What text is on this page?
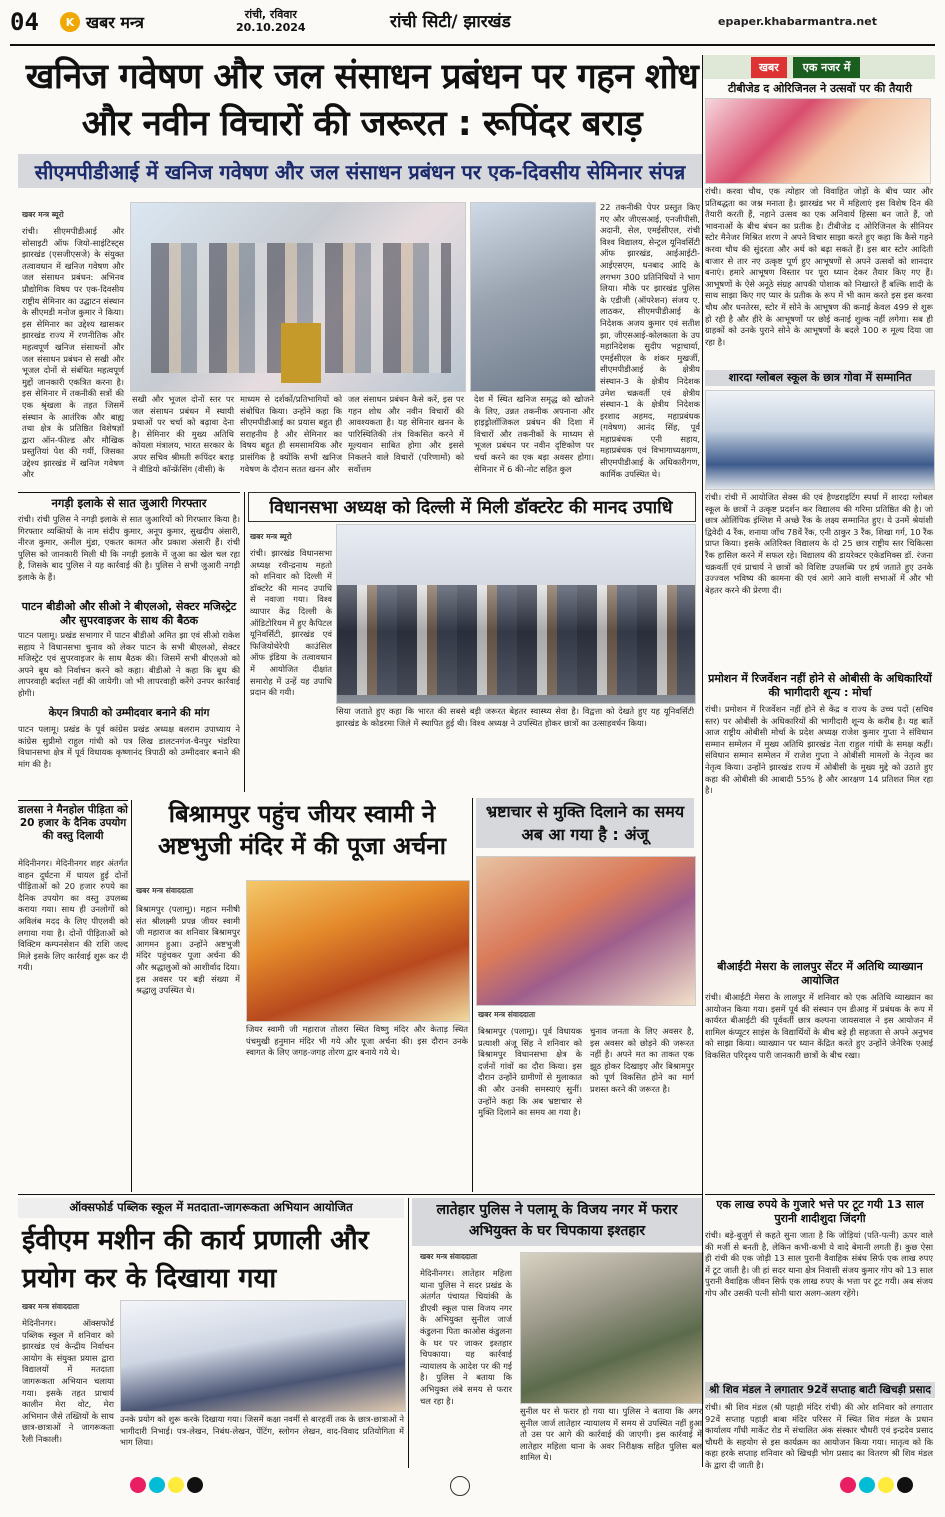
04	K खबर मन्त्र	रांची, रविवार
20.10.2024	रांची सिटी/ झारखंड	epaper.khabarmantra.net
खनिज गवेषण और जल संसाधन प्रबंधन पर गहन शोध और नवीन विचारों की जरूरत : रूपिंदर बराड़
सीएमपीडीआई में खनिज गवेषण और जल संसाधन प्रबंधन पर एक-दिवसीय सेमिनार संपन्न
खबर मन्त्र ब्यूरो
रांची। सीएमपीडीआई और सोसाइटी ऑफ जियो-साइंटिस्ट्स झारखंड (एसजीएसजे) के संयुक्त तत्वावधान में खनिज गवेषण और जल संसाधन प्रबंधन: अभिनव प्रौद्योगिक विषय पर एक-दिवसीय राष्ट्रीय सेमिनार का उद्घाटन संस्थान के सीएमडी मनोज कुमार ने किया। इस सेमिनार का उद्देश्य खासकर झारखंड राज्य में रणनीतिक और महत्वपूर्ण खनिज संसाधनों और जल संसाधन प्रबंधन से सखी और भूजल दोनों से संबंधित महत्वपूर्ण मुद्दों जानकारी एकत्रित करना है। इस सेमिनार में तकनीकी सत्रों की एक श्रृंखला के तहत जिसमें संस्थान के आतंरिक और बाह्य तथा क्षेत्र के प्रतिष्ठित विशेषज्ञों द्वारा ऑन-फील्ड और मौखिक प्रस्तुतियां पेश की गयीं, जिसका उद्देश्य झारखंड में खनिज गवेषण और
सखी और भूजल दोनों स्तर पर जल संसाधन प्रबंधन में स्थायी प्रथाओं पर चर्चा को बढ़ावा देना है। सेमिनार की मुख्य अतिथि कोयला मंत्रालय, भारत सरकार के अपर सचिव श्रीमती रूपिंदर बराड़ ने वीडियो कॉन्फ्रेंसिंग (वीसी) के
माध्यम से दर्शकों/प्रतिभागियों को संबोधित किया। उन्होंने कहा कि सीएमपीडीआई का प्रयास बहुत ही सराहनीय है और सेमिनार का विषय बहुत ही समसामयिक और प्रासंगिक है क्योंकि सभी खनिज गवेषण के दौरान सतत खनन और
जल संसाधन प्रबंधन कैसे करें, इस पर गहन शोध और नवीन विचारों की आवश्यकता है। यह सेमिनार खनन के पारिस्थितिकी तंत्र विकसित करने में मूल्यवान साबित होगा और इससे निकलने वाले विचारों (परिणामों) को सर्वोत्तम
देश में स्थित खनिज समृद्ध को खोजने के लिए, उन्नत तकनीक अपनाना और हाइड्रोलॉजिकल प्रबंधन की दिशा में विचारों और तकनीकों के माध्यम से भूजल प्रबंधन पर नवीन दृष्टिकोण पर चर्चा करने का एक बड़ा अवसर होगा। सेमिनार में 6 की-नोट सहित कुल
22 तकनीकी पेपर प्रस्तुत किए गए और जीएसआई, एनजीपीसी, अदानी, सेल, एमईसीएल, रांची विश्व विद्यालय, सेन्ट्रल यूनिवर्सिटी ऑफ झारखंड, आईआईटी-आईएसएम, धनबाद आदि के लगभग 300 प्रतिनिधियों ने भाग लिया। मौके पर झारखंड पुलिस के एडीजी (ऑपरेशन) संजय ए. लाठकर, सीएमपीडीआई के निदेशक अजय कुमार एवं सतीश झा, जीएसआई-कोलकाता के उप महानिदेशक सुदीप भट्टाचार्या, एमईसीएल के शंकर मुखर्जी, सीएमपीडीआई के क्षेत्रीय संस्थान-3 के क्षेत्रीय निदेशक उमेश चक्रवर्ती एवं क्षेत्रीय संस्थान-1 के क्षेत्रीय निदेशक इरशाद अहमद, महाप्रबंधक (गवेषण) आनंद सिंह, पूर्व महाप्रबंधक एनी सहाय, महाप्रबंधक एवं विभागाध्यक्षगण, सीएमपीडीआई के अधिकारीगण, कार्मिक उपस्थित थे।
नगड़ी इलाके से सात जुआरी गिरफ्तार
रांची। रांची पुलिस ने नगड़ी इलाके से सात जुआरियों को गिरफ्तार किया है। गिरफ्तार व्यक्तियों के नाम संदीप कुमार, अनूप कुमार, सुखदीप अंसारी, नीरज कुमार, अनील मुंडा, एकतर कामत और प्रकाश अंसारी हैं। रांची पुलिस को जानकारी मिली थी कि नगड़ी इलाके में जुआ का खेल चल रहा है, जिसके बाद पुलिस ने यह कार्रवाई की है। पुलिस ने सभी जुआरी नगड़ी इलाके के हैं।
पाटन बीडीओ और सीओ ने बीएलओ, सेक्टर मजिस्ट्रेट और सुपरवाइजर के साथ की बैठक
पाटन पलामू। प्रखंड सभागार में पाटन बीडीओ अमित झा एवं सीओ राकेश सहाय ने विधानसभा चुनाव को लेकर पाटन के सभी बीएलओ, सेक्टर मजिस्ट्रेट एवं सुपरवाइजर के साथ बैठक की। जिसमें सभी बीएलओ को अपने बूथ को निर्वाचन करने को कहा। बीडीओ ने कहा कि बूथ की लापरवाही बर्दाश्त नहीं की जायेगी। जो भी लापरवाही करेंगे उनपर कार्रवाई होगी।
केएन त्रिपाठी को उम्मीदवार बनाने की मांग
पाटन पलामू। प्रखंड के पूर्व कांग्रेस प्रखंड अध्यक्ष बलराम उपाध्याय ने कांग्रेस सुप्रीमो राहुल गांधी को पत्र लिख डालटनगंज-चैनपुर भंडरिया विधानसभा क्षेत्र में पूर्व विधायक कृष्णानंद त्रिपाठी को उम्मीदवार बनाने की मांग की है।
डालसा ने मैनहोल पीड़िता को 20 हजार के दैनिक उपयोग की वस्तु दिलायी
मेदिनीनगर। मेदिनीनगर शहर अंतर्गत वाहन दुर्घटना में घायल हुई दोनों पीड़िताओं को 20 हजार रुपये का दैनिक उपयोग का वस्तु उपलब्ध कराया गया। साथ ही उनलोगों को अविलंब मदद के लिए पीएलवी को लगाया गया है। दोनों पीड़िताओं को विक्टिम कम्पनसेशन की राशि जल्द मिले इसके लिए कार्रवाई शुरू कर दी गयी।
विधानसभा अध्यक्ष को दिल्ली में मिली डॉक्टरेट की मानद उपाधि
खबर मन्त्र ब्यूरो
रांची। झारखंड विधानसभा अध्यक्ष रवीन्द्रनाथ महतो को शनिवार को दिल्ली में डॉक्टरेट की मानद उपाधि से नवाजा गया। विश्व व्यापार केंद्र दिल्ली के ऑडिटोरियम में हुए कैपिटल यूनिवर्सिटी, झारखंड एवं फिजियोथेरेपी काउंसिल ऑफ इंडिया के तत्वावधान में आयोजित दीक्षांत समारोह में उन्हें यह उपाधि प्रदान की गयी।
सिया जताते हुए कहा कि भारत की सबसे बड़ी जरूरत बेहतर स्वास्थ्य सेवा है। विद्वत्ता को देखते हुए यह यूनिवर्सिटी झारखंड के कोडरमा जिले में स्थापित हुई थी। विश्व अध्यक्ष ने उपस्थित होकर छात्रों का उत्साहवर्धन किया।
बिश्रामपुर पहुंच जीयर स्वामी ने अष्टभुजी मंदिर में की पूजा अर्चना
खबर मन्त्र संवाददाता
बिश्रामपुर (पलामू)। महान मनीषी संत श्रीलक्ष्मी प्रपन्न जीयर स्वामी जी महाराज का शनिवार बिश्रामपुर आगमन हुआ। उन्होंने अष्टभुजी मंदिर पहुंचकर पूजा अर्चना की और श्रद्धालुओं को आशीर्वाद दिया। इस अवसर पर बड़ी संख्या में श्रद्धालु उपस्थित थे।
जियर स्वामी जी महाराज तोलरा स्थित विष्णु मंदिर और केताड़ स्थित पंचमुखी हनुमान मंदिर भी गये और पूजा अर्चना की। इस दौरान उनके स्वागत के लिए जगह-जगह तोरण द्वार बनाये गये थे।
भ्रष्टाचार से मुक्ति दिलाने का समय अब आ गया है : अंजू
खबर मन्त्र संवाददाता
बिश्रामपुर (पलामू)। पूर्व विधायक प्रत्याशी अंजू सिंह ने शनिवार को बिश्रामपुर विधानसभा क्षेत्र के दर्जनों गांवों का दौरा किया। इस दौरान उन्होंने ग्रामीणों से मुलाकात की और उनकी समस्याएं सुनीं। उन्होंने कहा कि अब भ्रष्टाचार से मुक्ति दिलाने का समय आ गया है।
चुनाव जनता के लिए अवसर है, इस अवसर को छोड़ने की जरूरत नहीं है। अपने मत का ताकत एक झूठ होकर दिखाइए और बिश्रामपुर को पूर्ण विकसित होने का मार्ग प्रशस्त करने की जरूरत है।
ऑक्सफोर्ड पब्लिक स्कूल में मतदाता-जागरूकता अभियान आयोजित
ईवीएम मशीन की कार्य प्रणाली और प्रयोग कर के दिखाया गया
खबर मन्त्र संवाददाता
मेदिनीनगर। ऑक्सफोर्ड पब्लिक स्कूल में शनिवार को झारखंड एवं केन्द्रीय निर्वाचन आयोग के संयुक्त प्रयास द्वारा विद्यालयों में मतदाता जागरूकता अभियान चलाया गया। इसके तहत प्राचार्य कालीन मेरा वोट, मेरा अभिमान जैसे तख्तियों के साथ छात्र-छात्राओं ने जागरूकता रैली निकाली।
उनके प्रयोग को शुरू करके दिखाया गया। जिसमें कक्षा नवमीं से बारहवीं तक के छात्र-छात्राओं ने भागीदारी निभाई। पत्र-लेखन, निबंध-लेखन, पेंटिंग, स्लोगन लेखन, वाद-विवाद प्रतियोगिता में भाग लिया।
लातेहार पुलिस ने पलामू के विजय नगर में फरार अभियुक्त के घर चिपकाया इश्तहार
खबर मन्त्र संवाददाता
मेदिनीनगर। लातेहार महिला थाना पुलिस ने सदर प्रखंड के अंतर्गत पंचायत चियांकी के डीएवी स्कूल पास विजय नगर के अभियुक्त सुनील जार्ज कंडुलना पिता काओस कंडुलना के घर पर जाकर इश्तहार चिपकाया। यह कार्रवाई न्यायालय के आदेश पर की गई है। पुलिस ने बताया कि अभियुक्त लंबे समय से फरार चल रहा है।
सुनील घर से फरार हो गया था। पुलिस ने बताया कि अगर सुनील जार्ज लातेहार न्यायालय में समय से उपस्थित नहीं हुआ तो उस पर आगे की कार्रवाई की जाएगी। इस कार्रवाई में लातेहार महिला थाना के अवर निरीक्षक सहित पुलिस बल शामिल थे।
खबर	एक नजर में
टीबीजेड द ओरिजिनल ने उत्सवों पर की तैयारी
रांची। करवा चौथ, एक त्योहार जो विवाहित जोड़ों के बीच प्यार और प्रतिबद्धता का जश्न मनाता है। झारखंड भर में महिलाएं इस विशेष दिन की तैयारी करती हैं, नहाने उत्सव का एक अनिवार्य हिस्सा बन जाते हैं, जो भावनाओं के बीच बंधन का प्रतीक है। टीबीजेड द ओरिजिनल के सीनियर स्टोर मैनेजर मिश्रित शरण ने अपने विचार साझा करते हुए कहा कि कैसे गहने करवा चौथ की सुंदरता और अर्थ को बढ़ा सकते हैं। इस बार स्टोर आदिती बाजार से तार नए उत्कृष्ट पूर्ण हुए आभूषणों से अपने उत्सवों को शानदार बनाएं। हमारे आभूषण विस्तार पर पूरा ध्यान देकर तैयार किए गए हैं। आभूषणों के ऐसे अनूठे संग्रह आपकी पोशाक को निखारते हैं बल्कि शादी के साथ साझा किए गए प्यार के प्रतीक के रूप में भी काम करते इस इस करवा चौथ और धनतेरस, स्टोर में सोने के आभूषण की कनाई केवल 499 से शुरू हो रही है और हीरे के आभूषणों पर छोई कनाई शुल्क नहीं लगेगा। सब ही ग्राहकों को उनके पुराने सोने के आभूषणों के बदले 100 रु मूल्य दिया जा रहा है।
शारदा ग्लोबल स्कूल के छात्र गोवा में सम्मानित
रांची। रांची में आयोजित सेक्स की एवं हैण्डराइटिंग स्पर्धा में शारदा ग्लोबल स्कूल के छात्रों ने उत्कृष्ट प्रदर्शन कर विद्यालय की गरिमा प्रतिष्ठित की है। जो छात्र ओलिंपिक इंग्लिश में अच्छे रैंक के लक्ष्य सम्मानित हुए। ये उनमें श्रेयांशी द्विवेदी 4 रैंक, शनाया जाँच 78वें रैंक, एनी ठाकुर 3 रैंक, शिखा गर्ग, 10 रैंक प्राप्त किया। इसके अतिरिक्त विद्यालय के दो 25 छात्र राष्ट्रीय स्तर चिकित्सा रैंक हासिल करने में सफल रहे। विद्यालय की डायरेक्टर एकेडमिक्स डॉ. रंजना चक्रवर्ती एवं प्राचार्य ने छात्रों को विशिष्ट उपलब्धि पर हर्ष जताते हुए उनके उज्ज्वल भविष्य की कामना की एवं आगे आने वाली सभाओं में और भी बेहतर करने की प्रेरणा दी।
प्रमोशन में रिजर्वेशन नहीं होने से ओबीसी के अधिकारियों की भागीदारी शून्य : मोर्चा
रांची। प्रमोशन में रिजर्वेशन नहीं होने से केंद्र व राज्य के उच्च पदों (सचिव स्तर) पर ओबीसी के अधिकारियों की भागीदारी शून्य के करीब है। यह बातें आज राष्ट्रीय ओबीसी मोर्चा के प्रदेश अध्यक्ष राजेश कुमार गुप्ता ने संविधान सम्मान सम्मेलन में मुख्य अतिथि झारखंड नेता राहुल गांधी के समक्ष कहीं। संविधान सम्मान सम्मेलन में राजेश गुप्ता ने ओबीसी मामलों के नेतृत्व का नेतृत्व किया। उन्होंने झारखंड राज्य में ओबीसी के मुख्य मुद्दे को उठाते हुए कहा की ओबीसी की आबादी 55% है और आरक्षण 14 प्रतिशत मिल रहा है।
बीआईटी मेसरा के लालपुर सेंटर में अतिथि व्याख्यान आयोजित
रांची। बीआईटी मेसरा के लालपुर में शनिवार को एक अतिथि व्याख्यान का आयोजन किया गया। इसमें पूर्व की संस्थान एम डीआइ में प्रबंधक के रूप में कार्यरत बीआईटी की पूर्ववर्ती छात्र कल्पना जायसवाल ने इस आयोजन में शामिल कंप्यूटर साइंस के विद्यार्थियों के बीच बड़े ही सहजता से अपने अनुभव को साझा किया। व्याख्यान पर ध्यान केंद्रित करते हुए उन्होंने जेनेरिक एआई विकसित परिदृश्य पारी जानकारी छात्रों के बीच रखा।
एक लाख रुपये के गुजारे भत्ते पर टूट गयी 13 साल पुरानी शादीशुदा जिंदगी
रांची। बड़े-बुजुर्ग से कहते सुना जाता है कि जोड़ियां (पति-पत्नी) ऊपर वाले की मर्जी से बनती है, लेकिन कभी-कभी ये वादे बेमानी लगती हैं। कुछ ऐसा ही रांची की एक जोड़ी 13 साल पुरानी वैवाहिक संबंध सिर्फ एक लाख रुपए में टूट जाती है। जी हां सदर थाना क्षेत्र निवासी संजय कुमार गोप को 13 साल पुरानी वैवाहिक जीवन सिर्फ एक लाख रुपए के भत्ता पर टूट गयी। अब संजय गोप और उसकी पत्नी सोनी धारा अलग-अलग रहेंगे।
श्री शिव मंडल ने लगातार 92वें सप्ताह बाटी खिचड़ी प्रसाद
रांची। श्री शिव मंडल (श्री पहाड़ी मंदिर रांची) की ओर शनिवार को लगातार 92वें सप्ताह पहाड़ी बाबा मंदिर परिसर में स्थित शिव मंडल के प्रधान कार्यालय गाँधी मार्केट रोड में संचालित अंक संस्कार चौधरी एवं इन्द्रदेव प्रसाद चौधरी के सहयोग से इस कार्यक्रम का आयोजन किया गया। मातृत्व को कि कहा हरके सप्ताह शनिवार को खिचड़ी भोग प्रसाद का वितरण श्री शिव मंडल के द्वारा दी जाती है।
